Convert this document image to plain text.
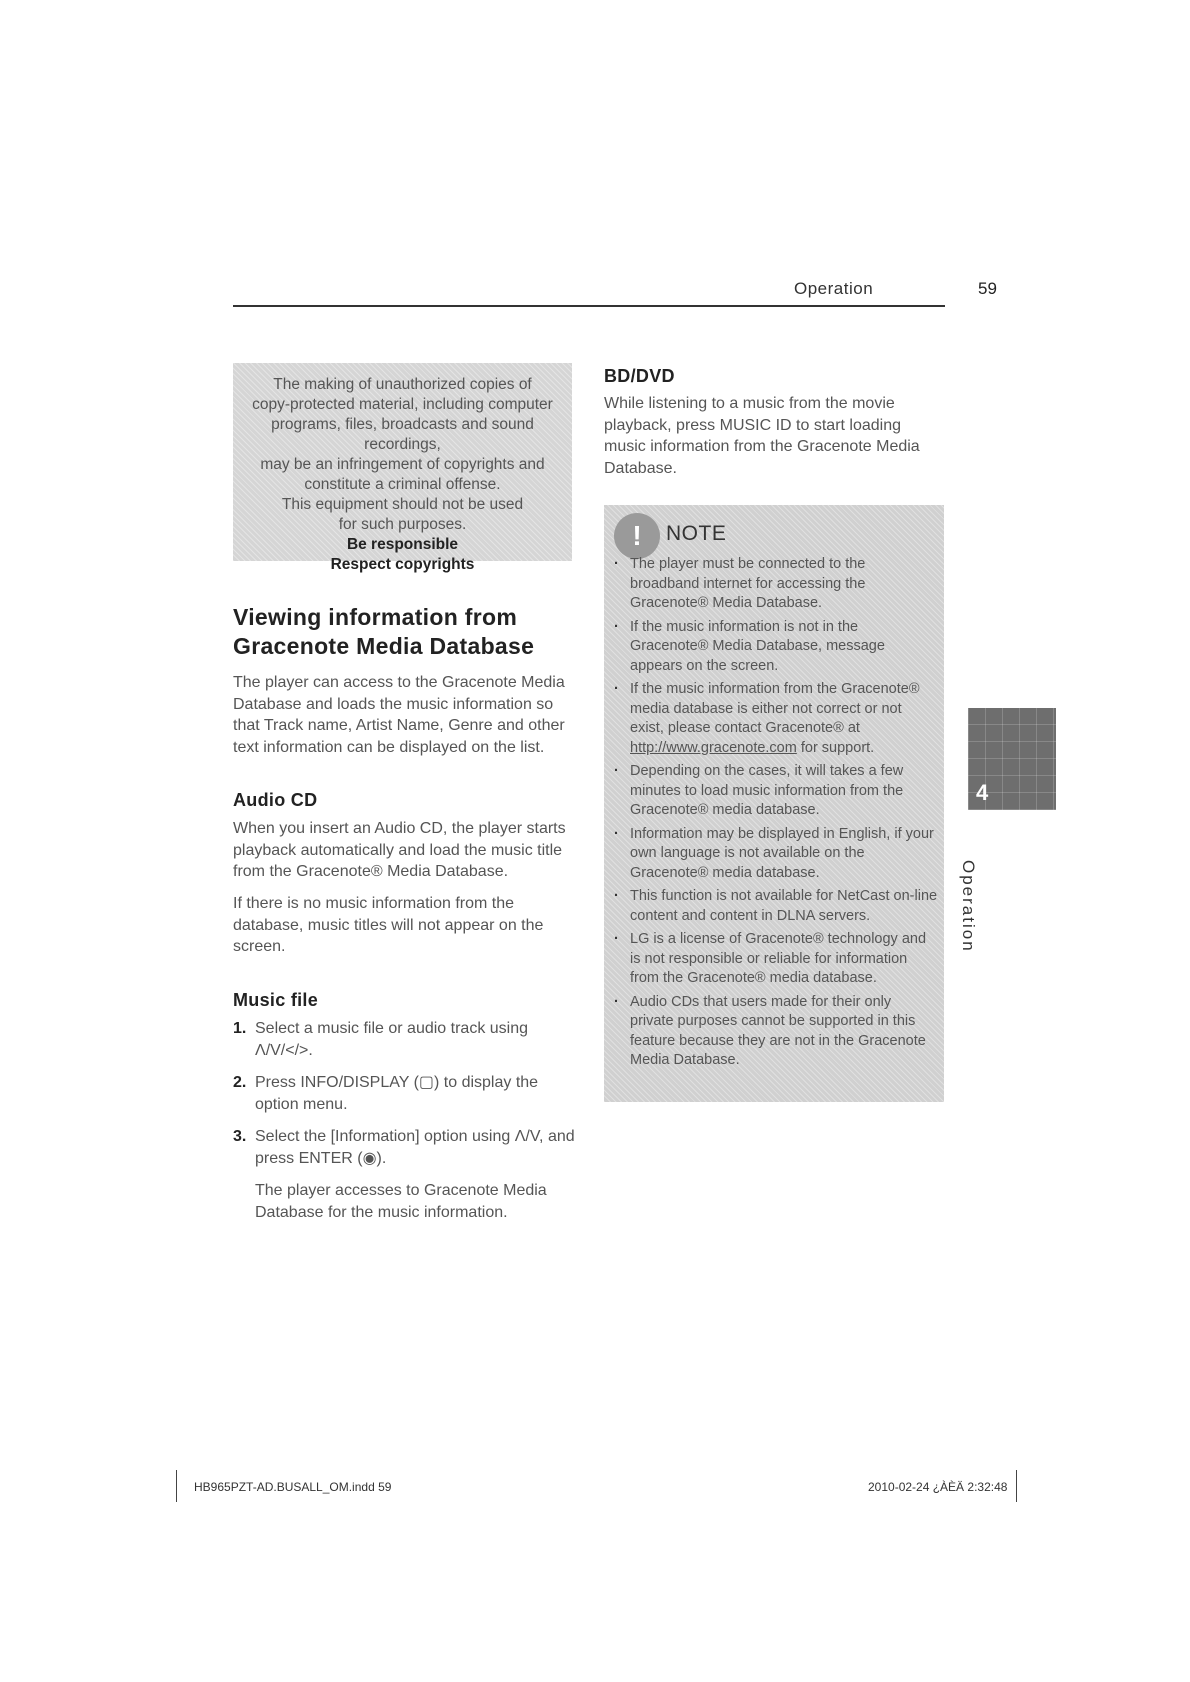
Operation	59
The making of unauthorized copies of
copy-protected material, including computer
programs, files, broadcasts and sound recordings,
may be an infringement of copyrights and
constitute a criminal offense.
This equipment should not be used
for such purposes.
Be responsible
Respect copyrights
Viewing information from
Gracenote Media Database
The player can access to the Gracenote Media Database and loads the music information so that Track name, Artist Name, Genre and other text information can be displayed on the list.
Audio CD
When you insert an Audio CD, the player starts playback automatically and load the music title from the Gracenote® Media Database.
If there is no music information from the database, music titles will not appear on the screen.
Music file
1. Select a music file or audio track using Λ/V/</>.
2. Press INFO/DISPLAY (▢) to display the option menu.
3. Select the [Information] option using Λ/V, and press ENTER (◉).
The player accesses to Gracenote Media Database for the music information.
BD/DVD
While listening to a music from the movie playback, press MUSIC ID to start loading music information from the Gracenote Media Database.
!	NOTE
· The player must be connected to the broadband internet for accessing the Gracenote® Media Database.
· If the music information is not in the Gracenote® Media Database, message appears on the screen.
· If the music information from the Gracenote® media database is either not correct or not exist, please contact Gracenote® at http://www.gracenote.com for support.
· Depending on the cases, it will takes a few minutes to load music information from the Gracenote® media database.
· Information may be displayed in English, if your own language is not available on the Gracenote® media database.
· This function is not available for NetCast on-line content and content in DLNA servers.
· LG is a license of Gracenote® technology and is not responsible or reliable for information from the Gracenote® media database.
· Audio CDs that users made for their only private purposes cannot be supported in this feature because they are not in the Gracenote Media Database.
4
Operation
HB965PZT-AD.BUSALL_OM.indd 59	2010-02-24 ¿ÀÈÄ 2:32:48
